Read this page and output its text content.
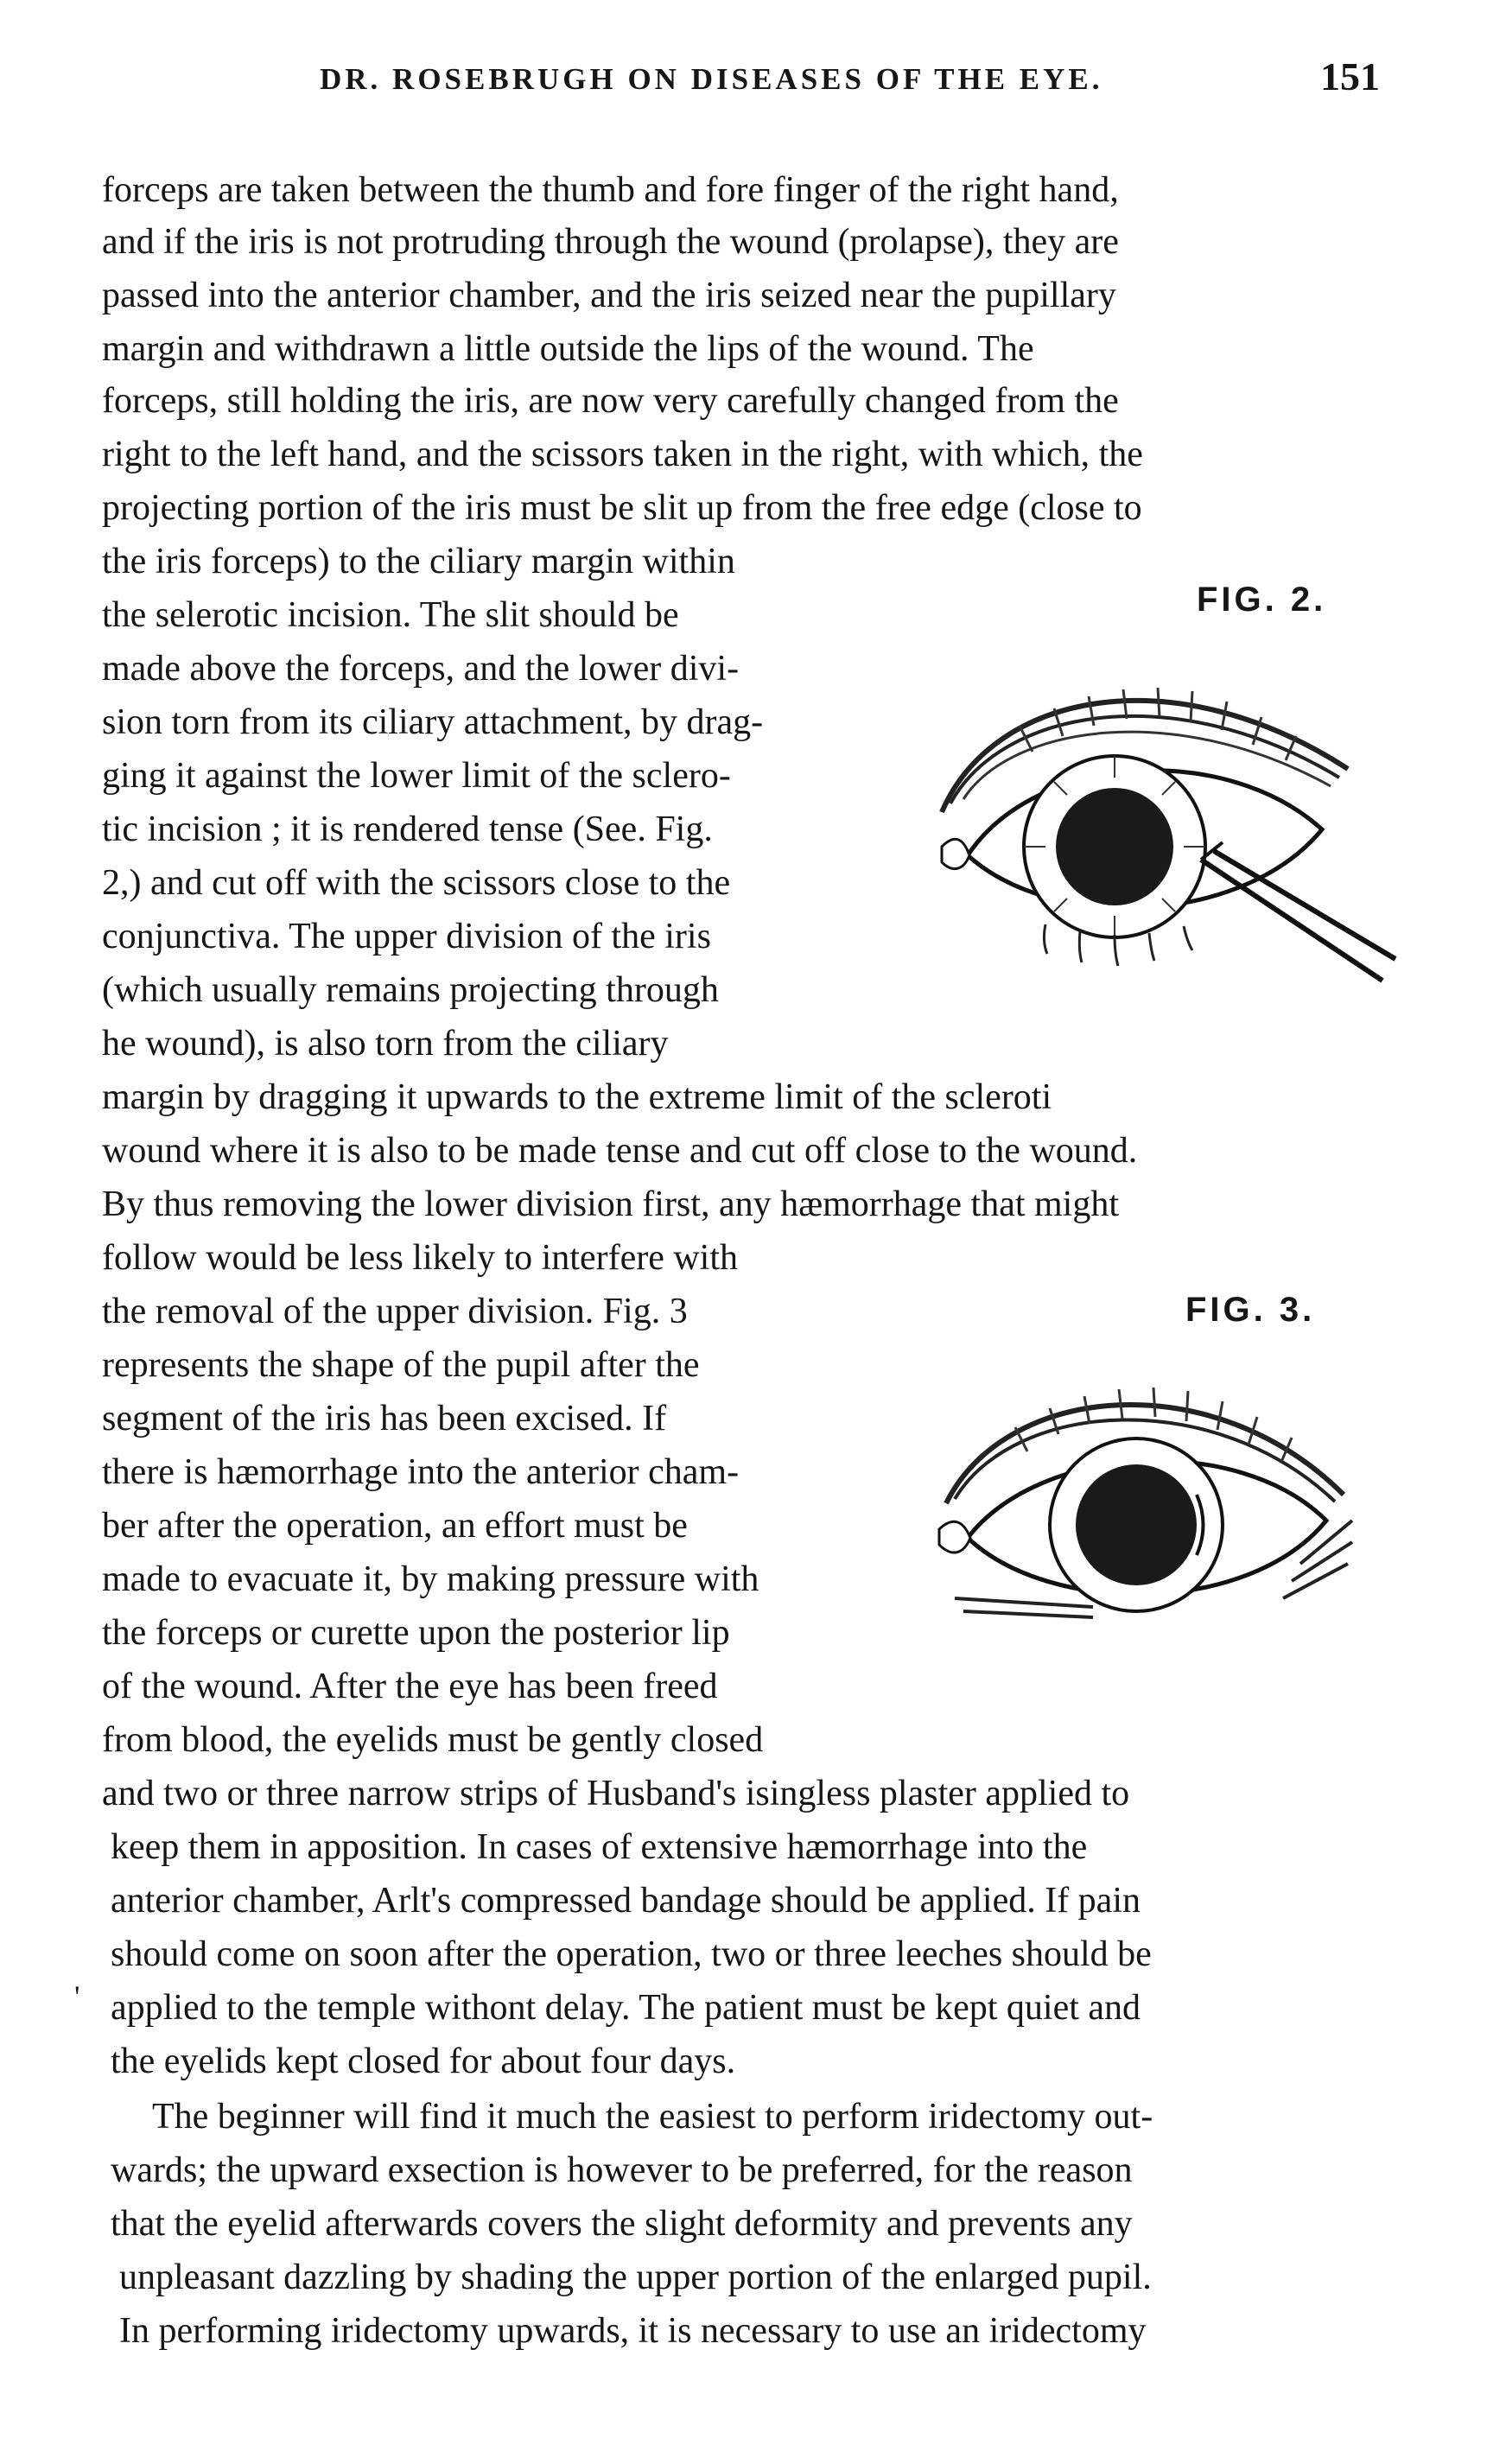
DR. ROSEBRUGH ON DISEASES OF THE EYE.	151
forceps are taken between the thumb and fore finger of the right hand,
and if the iris is not protruding through the wound (prolapse), they are
passed into the anterior chamber, and the iris seized near the pupillary
margin and withdrawn a little outside the lips of the wound. The
forceps, still holding the iris, are now very carefully changed from the
right to the left hand, and the scissors taken in the right, with which, the
projecting portion of the iris must be slit up from the free edge (close to
the iris forceps) to the ciliary margin within
the selerotic incision. The slit should be
made above the forceps, and the lower divi-
sion torn from its ciliary attachment, by drag-
ging it against the lower limit of the sclero-
tic incision ; it is rendered tense (See. Fig.
2,) and cut off with the scissors close to the
conjunctiva. The upper division of the iris
(which usually remains projecting through
he wound), is also torn from the ciliary
margin by dragging it upwards to the extreme limit of the scleroti
wound where it is also to be made tense and cut off close to the wound.
By thus removing the lower division first, any hæmorrhage that might
follow would be less likely to interfere with
the removal of the upper division. Fig. 3
represents the shape of the pupil after the
segment of the iris has been excised. If
there is hæmorrhage into the anterior cham-
ber after the operation, an effort must be
made to evacuate it, by making pressure with
the forceps or curette upon the posterior lip
of the wound. After the eye has been freed
from blood, the eyelids must be gently closed
and two or three narrow strips of Husband's isingless plaster applied to
keep them in apposition. In cases of extensive hæmorrhage into the
anterior chamber, Arlt's compressed bandage should be applied. If pain
should come on soon after the operation, two or three leeches should be
applied to the temple withont delay. The patient must be kept quiet and
the eyelids kept closed for about four days.
The beginner will find it much the easiest to perform iridectomy out-
wards; the upward exsection is however to be preferred, for the reason
that the eyelid afterwards covers the slight deformity and prevents any
unpleasant dazzling by shading the upper portion of the enlarged pupil.
In performing iridectomy upwards, it is necessary to use an iridectomy
'
FIG. 2.
FIG. 3.
